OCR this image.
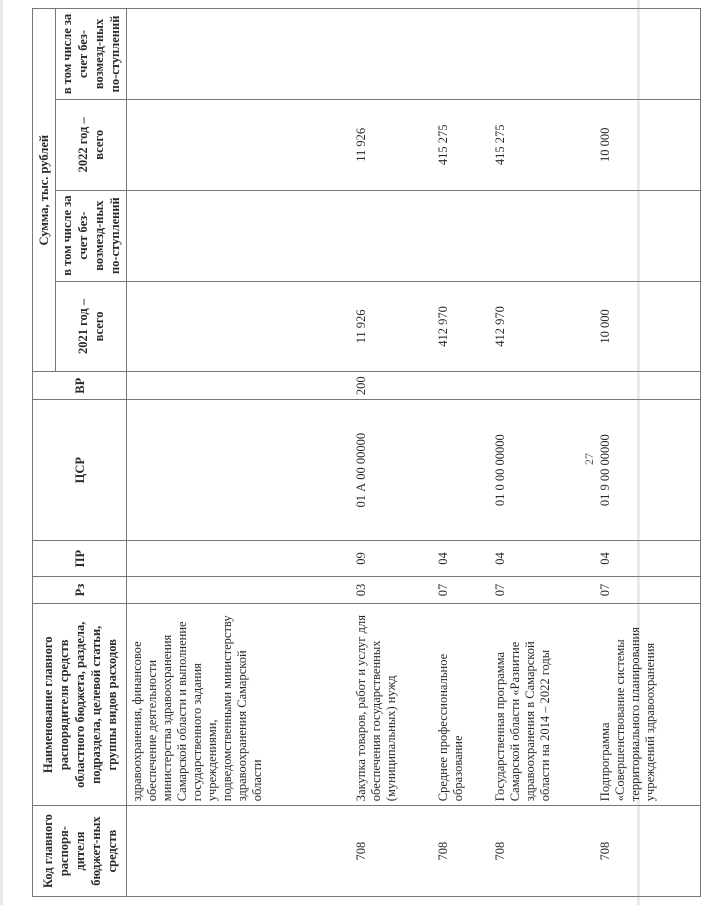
27
Код главного распоря-дителя бюджет-ных средств	Наименование главного распорядителя средств областного бюджета, раздела, подраздела, целевой статьи, группы видов расходов	Рз	ПР	ЦСР	ВР	Сумма, тыс. рублей			
						2021 год – всего	в том числе за счет без-возмезд-ных по-ступлений	2022 год – всего	в том числе за счет без-возмезд-ных по-ступлений

	здравоохранения, финансовое обеспечение деятельности министерства здравоохранения Самарской области и выполнение государственного задания учреждениями, подведомственными министерству здравоохранения Самарской области								
708	Закупка товаров, работ и услуг для обеспечения государственных (муниципальных) нужд	03	09	01 А 00 00000	200	11 926		11 926	
708	Среднее профессиональное образование	07	04			412 970		415 275	
708	Государственная программа Самарской области «Развитие здравоохранения в Самарской области на 2014 – 2022 годы	07	04	01 0 00 00000		412 970		415 275	
708	Подпрограмма «Совершенствование системы территориального планирования учреждений здравоохранения	07	04	01 9 00 00000		10 000		10 000	
